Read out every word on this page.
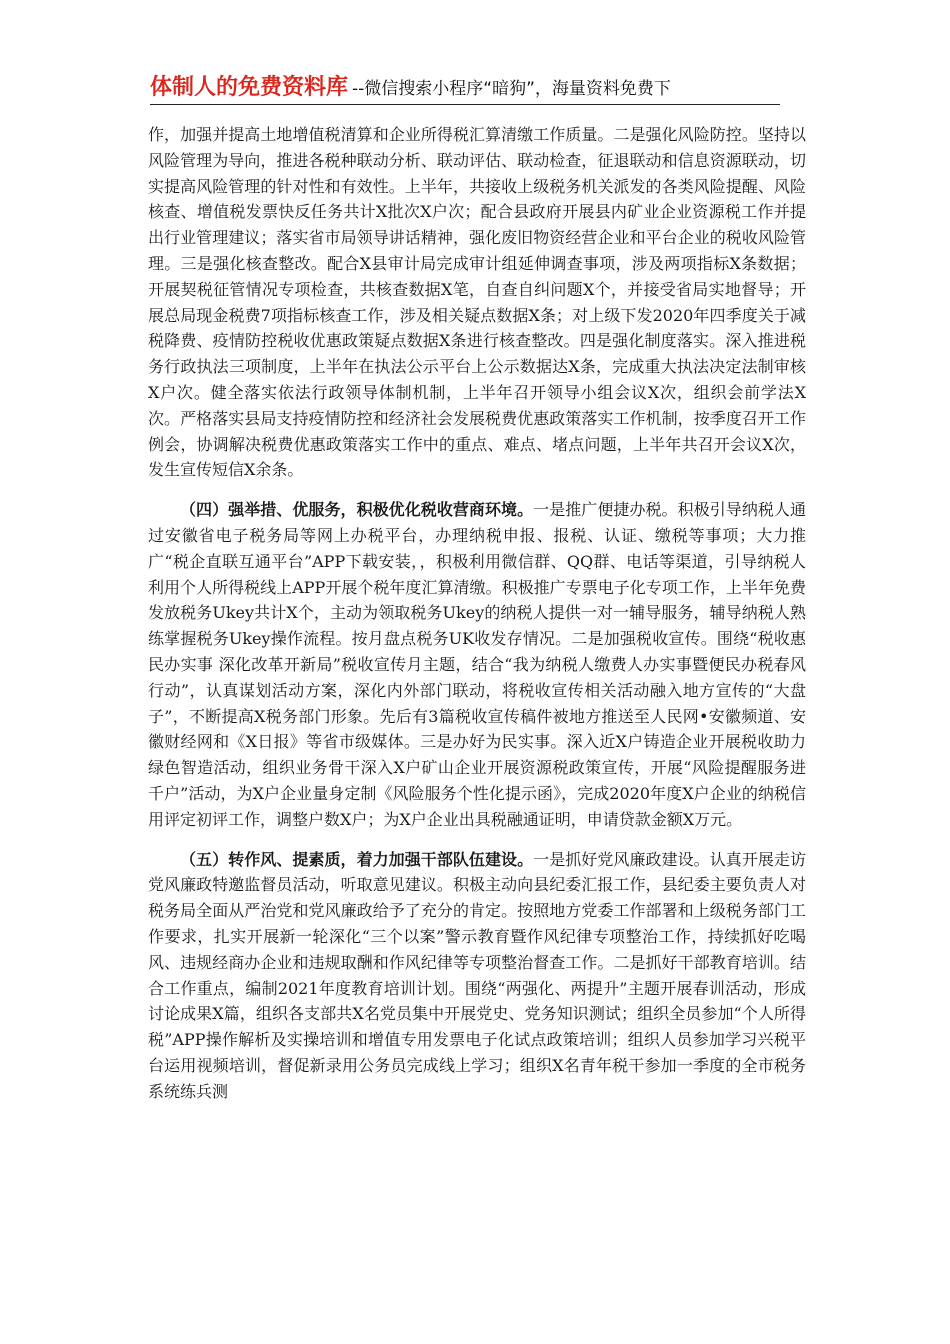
体制人的免费资料库 --微信搜索小程序“暗狗”，海量资料免费下

作，加强并提高土地增值税清算和企业所得税汇算清缴工作质量。二是强化风险防控。坚持以风险管理为导向，推进各税种联动分析、联动评估、联动检查，征退联动和信息资源联动，切实提高风险管理的针对性和有效性。上半年，共接收上级税务机关派发的各类风险提醒、风险核查、增值税发票快反任务共计X批次X户次；配合县政府开展县内矿业企业资源税工作并提出行业管理建议；落实省市局领导讲话精神，强化废旧物资经营企业和平台企业的税收风险管理。三是强化核查整改。配合X县审计局完成审计组延伸调查事项，涉及两项指标X条数据；开展契税征管情况专项检查，共核查数据X笔，自查自纠问题X个，并接受省局实地督导；开展总局现金税费7项指标核查工作，涉及相关疑点数据X条；对上级下发2020年四季度关于减税降费、疫情防控税收优惠政策疑点数据X条进行核查整改。四是强化制度落实。深入推进税务行政执法三项制度，上半年在执法公示平台上公示数据达X条，完成重大执法决定法制审核X户次。健全落实依法行政领导体制机制，上半年召开领导小组会议X次，组织会前学法X次。严格落实县局支持疫情防控和经济社会发展税费优惠政策落实工作机制，按季度召开工作例会，协调解决税费优惠政策落实工作中的重点、难点、堵点问题，上半年共召开会议X次，发生宣传短信X余条。

（四）强举措、优服务，积极优化税收营商环境。一是推广便捷办税。积极引导纳税人通过安徽省电子税务局等网上办税平台，办理纳税申报、报税、认证、缴税等事项；大力推广“税企直联互通平台”APP下载安装，，积极利用微信群、QQ群、电话等渠道，引导纳税人利用个人所得税线上APP开展个税年度汇算清缴。积极推广专票电子化专项工作，上半年免费发放税务Ukey共计X个，主动为领取税务Ukey的纳税人提供一对一辅导服务，辅导纳税人熟练掌握税务Ukey操作流程。按月盘点税务UK收发存情况。二是加强税收宣传。围绕“税收惠民办实事 深化改革开新局”税收宣传月主题，结合“我为纳税人缴费人办实事暨便民办税春风行动”，认真谋划活动方案，深化内外部门联动，将税收宣传相关活动融入地方宣传的“大盘子”，不断提高X税务部门形象。先后有3篇税收宣传稿件被地方推送至人民网•安徽频道、安徽财经网和《X日报》等省市级媒体。三是办好为民实事。深入近X户铸造企业开展税收助力绿色智造活动，组织业务骨干深入X户矿山企业开展资源税政策宣传，开展“风险提醒服务进千户”活动，为X户企业量身定制《风险服务个性化提示函》，完成2020年度X户企业的纳税信用评定初评工作，调整户数X户；为X户企业出具税融通证明，申请贷款金额X万元。

（五）转作风、提素质，着力加强干部队伍建设。一是抓好党风廉政建设。认真开展走访党风廉政特邀监督员活动，听取意见建议。积极主动向县纪委汇报工作，县纪委主要负责人对税务局全面从严治党和党风廉政给予了充分的肯定。按照地方党委工作部署和上级税务部门工作要求，扎实开展新一轮深化“三个以案”警示教育暨作风纪律专项整治工作，持续抓好吃喝风、违规经商办企业和违规取酬和作风纪律等专项整治督查工作。二是抓好干部教育培训。结合工作重点，编制2021年度教育培训计划。围绕“两强化、两提升”主题开展春训活动，形成讨论成果X篇，组织各支部共X名党员集中开展党史、党务知识测试；组织全员参加“个人所得税”APP操作解析及实操培训和增值专用发票电子化试点政策培训；组织人员参加学习兴税平台运用视频培训，督促新录用公务员完成线上学习；组织X名青年税干参加一季度的全市税务系统练兵测
